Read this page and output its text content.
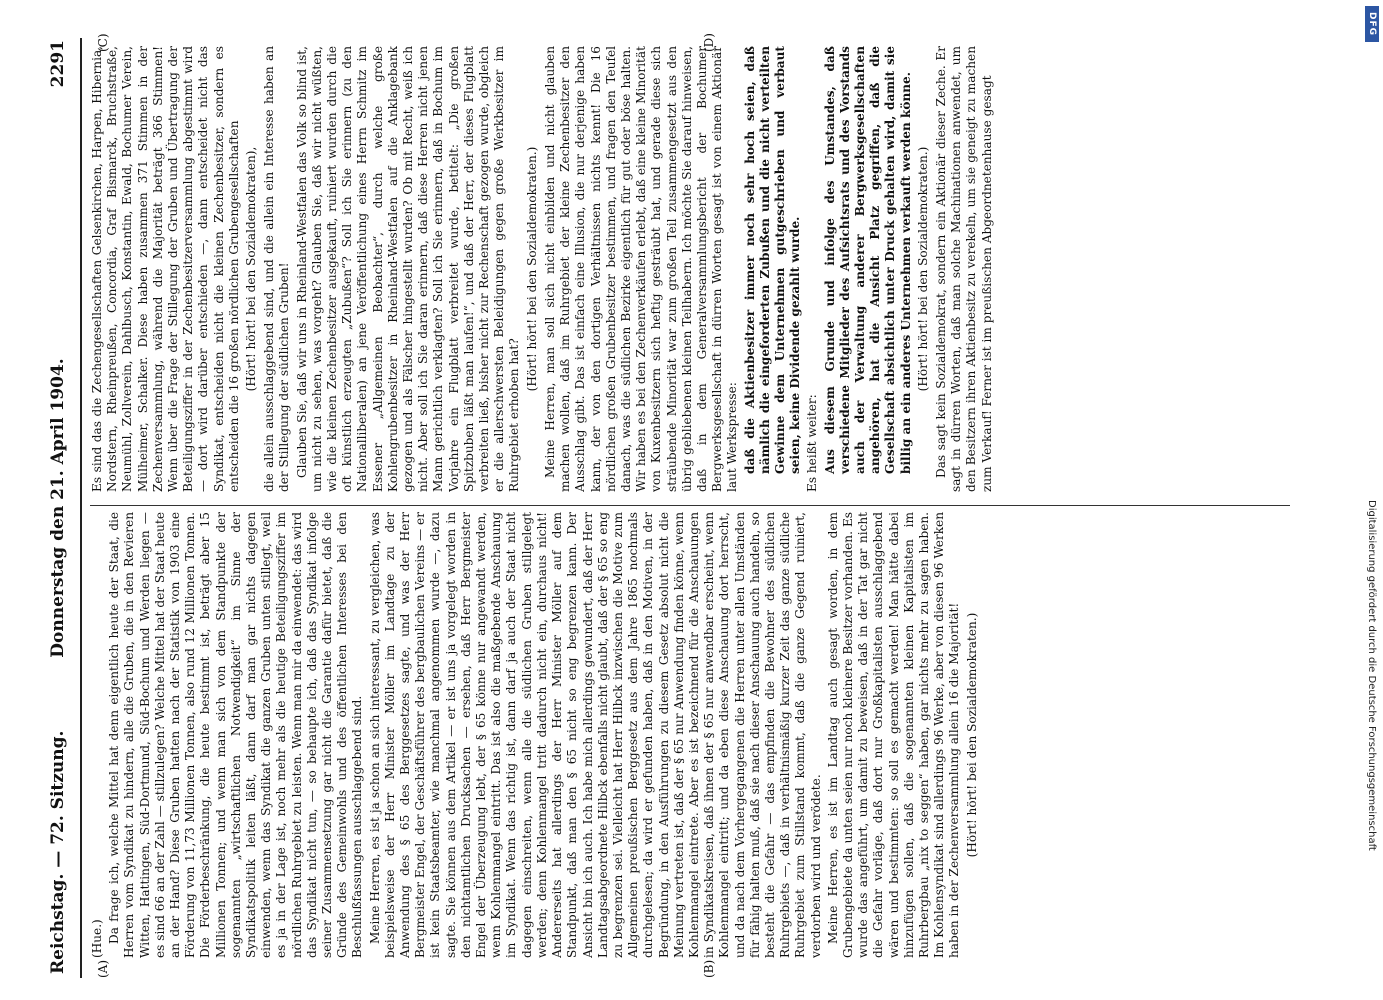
Reichstag. — 72. Sitzung.
Donnerstag den 21. April 1904.
2291
(A)	(B)
(C)	(D)

(Hue.) Da frage ich, welche Mittel hat denn eigentlich heute der Staat, die Herren vom Syndikat zu hindern, alle die Gruben, die in den Revieren Witten, Hattingen, Süd-Dortmund, Süd-Bochum und Werden liegen — es sind 66 an der Zahl — stillzulegen? Welche Mittel hat der Staat heute an der Hand? Diese Gruben hatten nach der Statistik von 1903 eine Förderung von 11,73 Millionen Tonnen, also rund 12 Millionen Tonnen. Die Förderbeschränkung, die heute bestimmt ist, beträgt aber 15 Millionen Tonnen; und wenn man sich von dem Standpunkte der sogenannten „wirtschaftlichen Notwendigkeit“ im Sinne der Syndikatspolitik leiten läßt, dann darf man gar nichts dagegen einwenden, wenn das Syndikat die ganzen Gruben unten stillegt, weil es ja in der Lage ist, noch mehr als die heutige Beteiligungsziffer im nördlichen Ruhrgebiet zu leisten. Wenn man mir da einwendet: das wird das Syndikat nicht tun, — so behaupte ich, daß das Syndikat infolge seiner Zusammensetzung gar nicht die Garantie dafür bietet, daß die Gründe des Gemeinwohls und des öffentlichen Interesses bei den Beschlußfassungen ausschlaggebend sind. Meine Herren, es ist ja schon an sich interessant, zu vergleichen, was beispielsweise der Herr Minister Möller im Landtage zu der Anwendung des § 65 des Berggesetzes sagte, und was der Herr Bergmeister Engel, der Geschäftsführer des bergbaulichen Vereins — er ist kein Staatsbeamter, wie manchmal angenommen wurde —, dazu sagte. Sie können aus dem Artikel — er ist uns ja vorgelegt worden in den nichtamtlichen Drucksachen — ersehen, daß Herr Bergmeister Engel der Überzeugung lebt, der § 65 könne nur angewandt werden, wenn Kohlenmangel eintritt. Das ist also die maßgebende Anschauung im Syndikat. Wenn das richtig ist, dann darf ja auch der Staat nicht dagegen einschreiten, wenn alle die südlichen Gruben stillgelegt werden; denn Kohlenmangel tritt dadurch nicht ein, durchaus nicht! Andererseits hat allerdings der Herr Minister Möller auf dem Standpunkt, daß man den § 65 nicht so eng begrenzen kann. Der Ansicht bin ich auch. Ich habe mich allerdings gewundert, daß der Herr Landtagsabgeordnete Hilbck ebenfalls nicht glaubt, daß der § 65 so eng zu begrenzen sei. Vielleicht hat Herr Hilbck inzwischen die Motive zum Allgemeinen preußischen Berggesetz aus dem Jahre 1865 nochmals durchgelesen; da wird er gefunden haben, daß in den Motiven, in der Begründung, in den Ausführungen zu diesem Gesetz absolut nicht die Meinung vertreten ist, daß der § 65 nur Anwendung finden könne, wenn Kohlenmangel eintrete. Aber es ist bezeichnend für die Anschauungen in Syndikatskreisen, daß ihnen der § 65 nur anwendbar erscheint, wenn Kohlenmangel eintritt; und da eben diese Anschauung dort herrscht, und da nach dem Vorhergegangenen die Herren unter allen Umständen für fähig halten muß, daß sie nach dieser Anschauung auch handeln, so besteht die Gefahr — das empfinden die Bewohner des südlichen Ruhrgebiets —, daß in verhältnismäßig kurzer Zeit das ganze südliche Ruhrgebiet zum Stillstand kommt, daß die ganze Gegend ruiniert, verdorben wird und verödete. Meine Herren, es ist im Landtag auch gesagt worden, in dem Grubengebiete da unten seien nur noch kleinere Besitzer vorhanden. Es wurde das angeführt, um damit zu beweisen, daß in der Tat gar nicht die Gefahr vorläge, daß dort nur Großkapitalisten ausschlaggebend wären und bestimmten: so soll es gemacht werden! Man hätte dabei hinzufügen sollen, daß die sogenannten kleinen Kapitalisten im Ruhrbergbau „nix to seggen“ haben, gar nichts mehr zu sagen haben. Im Kohlensyndikat sind allerdings 96 Werke, aber von diesen 96 Werken haben in der Zechenversammlung allein 16 die Majorität! (Hört! hört! bei den Sozialdemokraten.)

Es sind das die Zechengesellschaften Gelsenkirchen, Harpen, Hibernia, Nordstern, Rheinpreußen, Concordia, Graf Bismarck, Bruchstraße, Neumühl, Zollverein, Dahlbusch, Konstantin, Ewald, Bochumer Verein, Mülheimer, Schalker. Diese haben zusammen 371 Stimmen in der Zechenversammlung, während die Majorität beträgt 366 Stimmen! Wenn über die Frage der Stillegung der Gruben und Übertragung der Beteiligungsziffer in der Zechenbesitzerversammlung abgestimmt wird — dort wird darüber entschieden —, dann entscheidet nicht das Syndikat, entscheiden nicht die kleinen Zechenbesitzer, sondern es entscheiden die 16 großen nördlichen Grubengesellschaften (Hört! hört! bei den Sozialdemokraten), die allein ausschlaggebend sind, und die allein ein Interesse haben an der Stillegung der südlichen Gruben! Glauben Sie, daß wir uns in Rheinland-Westfalen das Volk so blind ist, um nicht zu sehen, was vorgeht? Glauben Sie, daß wir nicht wüßten, wie die kleinen Zechenbesitzer ausgekauft, ruiniert wurden durch die oft künstlich erzeugten „Zubußen“? Soll ich Sie erinnern (zu den Nationalliberalen) an jene Veröffentlichung eines Herrn Schmitz im Essener „Allgemeinen Beobachter“, durch welche große Kohlengrubenbesitzer in Rheinland-Westfalen auf die Anklagebank gezogen und als Fälscher hingestellt wurden? Ob mit Recht, weiß ich nicht. Aber soll ich Sie daran erinnern, daß diese Herren nicht jenen Mann gerichtlich verklagten? Soll ich Sie erinnern, daß in Bochum im Vorjahre ein Flugblatt verbreitet wurde, betitelt: „Die großen Spitzbuben läßt man laufen!“, und daß der Herr, der dieses Flugblatt verbreiten ließ, bisher nicht zur Rechenschaft gezogen wurde, obgleich er die allerschwersten Beleidigungen gegen große Werkbesitzer im Ruhrgebiet erhoben hat?

(Hört! hört! bei den Sozialdemokraten.) Meine Herren, man soll sich nicht einbilden und nicht glauben machen wollen, daß im Ruhrgebiet der kleine Zechenbesitzer den Ausschlag gibt. Das ist einfach eine Illusion, die nur derjenige haben kann, der von den dortigen Verhältnissen nichts kennt! Die 16 nördlichen großen Grubenbesitzer bestimmen, und fragen den Teufel danach, was die südlichen Bezirke eigentlich für gut oder böse halten. Wir haben es bei den Zechenverkäufen erlebt, daß eine kleine Minorität von Kuxenbesitzern sich heftig gesträubt hat, und gerade diese sich sträubende Minorität war zum großen Teil zusammengesetzt aus den übrig gebliebenen kleinen Teilhabern. Ich möchte Sie darauf hinweisen, daß in dem Generalversammlungsbericht der Bochumer Bergwerksgesellschaft in dürren Worten gesagt ist von einem Aktionär laut Werkspresse: daß die Aktienbesitzer immer noch sehr hoch seien, daß nämlich die eingeforderten Zubußen und die nicht verteilten Gewinne dem Unternehmen gutgeschrieben und verbaut seien, keine Dividende gezahlt wurde. Es heißt weiter: Aus diesem Grunde und infolge des Umstandes, daß verschiedene Mitglieder des Aufsichtsrats und des Vorstands auch der Verwaltung anderer Bergwerksgesellschaften angehören, hat die Ansicht Platz gegriffen, daß die Gesellschaft absichtlich unter Druck gehalten wird, damit sie billig an ein anderes Unternehmen verkauft werden könne. (Hört! hört! bei den Sozialdemokraten.) Das sagt kein Sozialdemokrat, sondern ein Aktionär dieser Zeche. Er sagt in dürren Worten, daß man solche Machinationen anwendet, um den Besitzern ihren Aktienbesitz zu verekeln, um sie geneigt zu machen zum Verkauf! Ferner ist im preußischen Abgeordnetenhause gesagt

Digitalisierung gefördert durch die Deutsche Forschungsgemeinschaft
DFG
